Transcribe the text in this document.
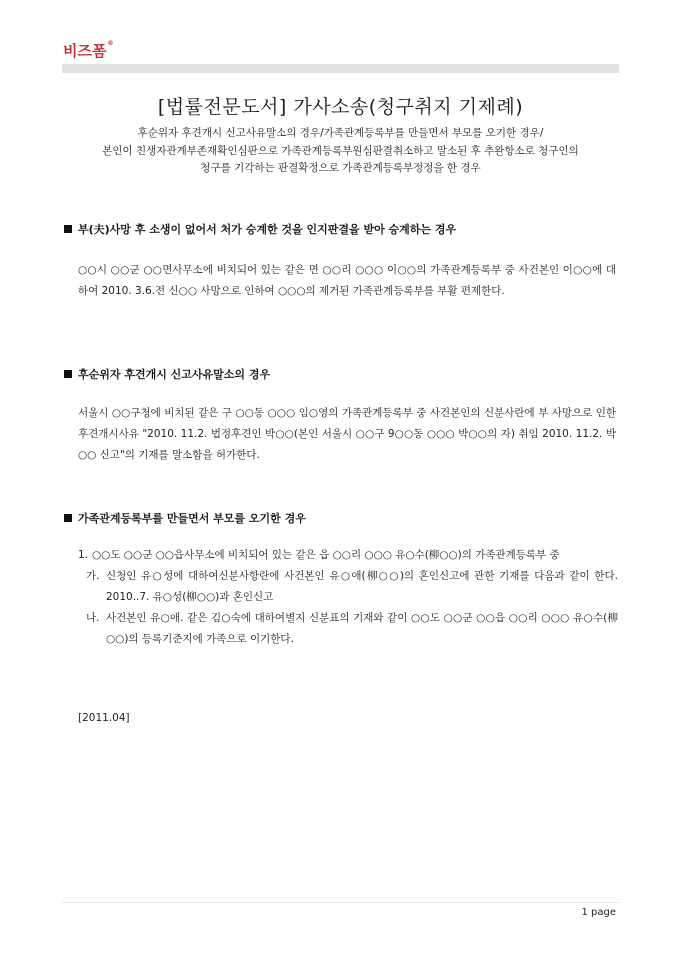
비즈폼®
[법률전문도서] 가사소송(청구취지 기제례)
후순위자 후견개시 신고사유말소의 경우/가족관계등록부를 만들면서 부모를 오기한 경우/
본인이 친생자관계부존재확인심판으로 가족관계등록부원심판결취소하고 말소된 후 추완항소로 청구인의
청구를 기각하는 판결확정으로 가족관계등록부정정을 한 경우
부(夫)사망 후 소생이 없어서 처가 승계한 것을 인지판결을 받아 승계하는 경우
○○시 ○○군 ○○면사무소에 비치되어 있는 같은 면 ○○리 ○○○ 이○○의 가족관계등록부 중 사건본인 이○○에 대하여 2010. 3.6.전 신○○ 사망으로 인하여 ○○○의 제거된 가족관계등록부를 부활 편제한다.
후순위자 후견개시 신고사유말소의 경우
서울시 ○○구청에 비치된 같은 구 ○○동 ○○○ 임○영의 가족관계등록부 중 사건본인의 신분사란에 부 사망으로 인한 후견개시사유 "2010. 11.2. 법정후견인 박○○(본인 서울시 ○○구 9○○동 ○○○ 박○○의 자) 취임 2010. 11.2. 박○○ 신고"의 기재를 말소함을 허가한다.
가족관계등록부를 만들면서 부모를 오기한 경우
1. ○○도 ○○군 ○○읍사무소에 비치되어 있는 같은 읍 ○○리 ○○○ 유○수(柳○○)의 가족관계등록부 중
가. 신청인 유○성에 대하여신분사항란에 사건본인 유○애(柳○○)의 혼인신고에 관한 기재를 다음과 같이 한다. 2010..7. 유○성(柳○○)과 혼인신고
나. 사건본인 유○애. 같은 김○숙에 대하여별지 신분표의 기재와 같이 ○○도 ○○군 ○○읍 ○○리 ○○○ 유○수(柳○○)의 등록기준지에 가족으로 이기한다.
[2011.04]
1 page
